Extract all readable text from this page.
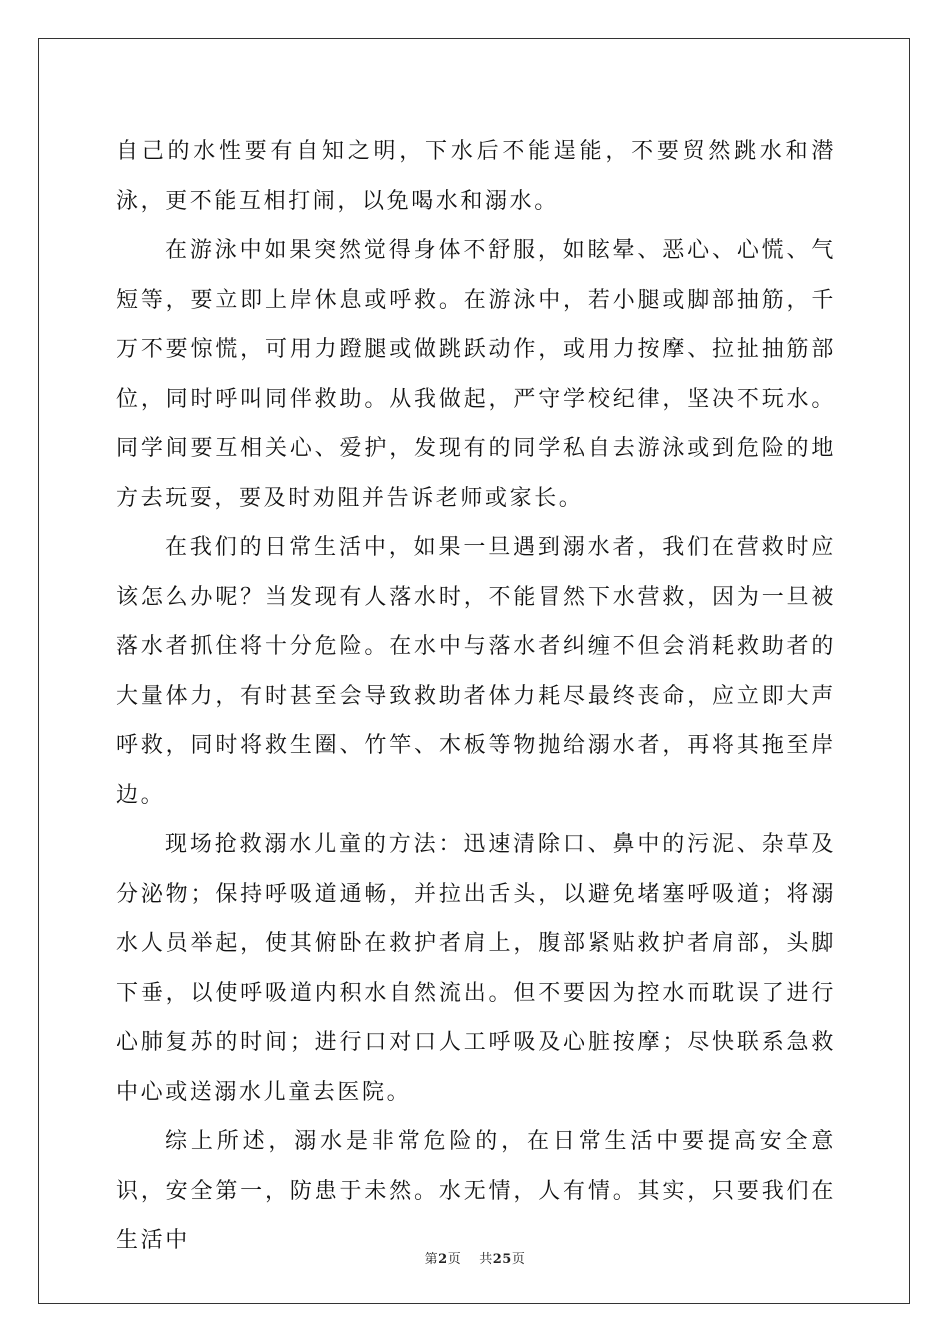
自己的水性要有自知之明，下水后不能逞能，不要贸然跳水和潜泳，更不能互相打闹，以免喝水和溺水。

在游泳中如果突然觉得身体不舒服，如眩晕、恶心、心慌、气短等，要立即上岸休息或呼救。在游泳中，若小腿或脚部抽筋，千万不要惊慌，可用力蹬腿或做跳跃动作，或用力按摩、拉扯抽筋部位，同时呼叫同伴救助。从我做起，严守学校纪律，坚决不玩水。同学间要互相关心、爱护，发现有的同学私自去游泳或到危险的地方去玩耍，要及时劝阻并告诉老师或家长。

在我们的日常生活中，如果一旦遇到溺水者，我们在营救时应该怎么办呢？当发现有人落水时，不能冒然下水营救，因为一旦被落水者抓住将十分危险。在水中与落水者纠缠不但会消耗救助者的大量体力，有时甚至会导致救助者体力耗尽最终丧命，应立即大声呼救，同时将救生圈、竹竿、木板等物抛给溺水者，再将其拖至岸边。

现场抢救溺水儿童的方法：迅速清除口、鼻中的污泥、杂草及分泌物；保持呼吸道通畅，并拉出舌头，以避免堵塞呼吸道；将溺水人员举起，使其俯卧在救护者肩上，腹部紧贴救护者肩部，头脚下垂，以使呼吸道内积水自然流出。但不要因为控水而耽误了进行心肺复苏的时间；进行口对口人工呼吸及心脏按摩；尽快联系急救中心或送溺水儿童去医院。

综上所述，溺水是非常危险的，在日常生活中要提高安全意识，安全第一，防患于未然。水无情，人有情。其实，只要我们在生活中

第2页 共25页
